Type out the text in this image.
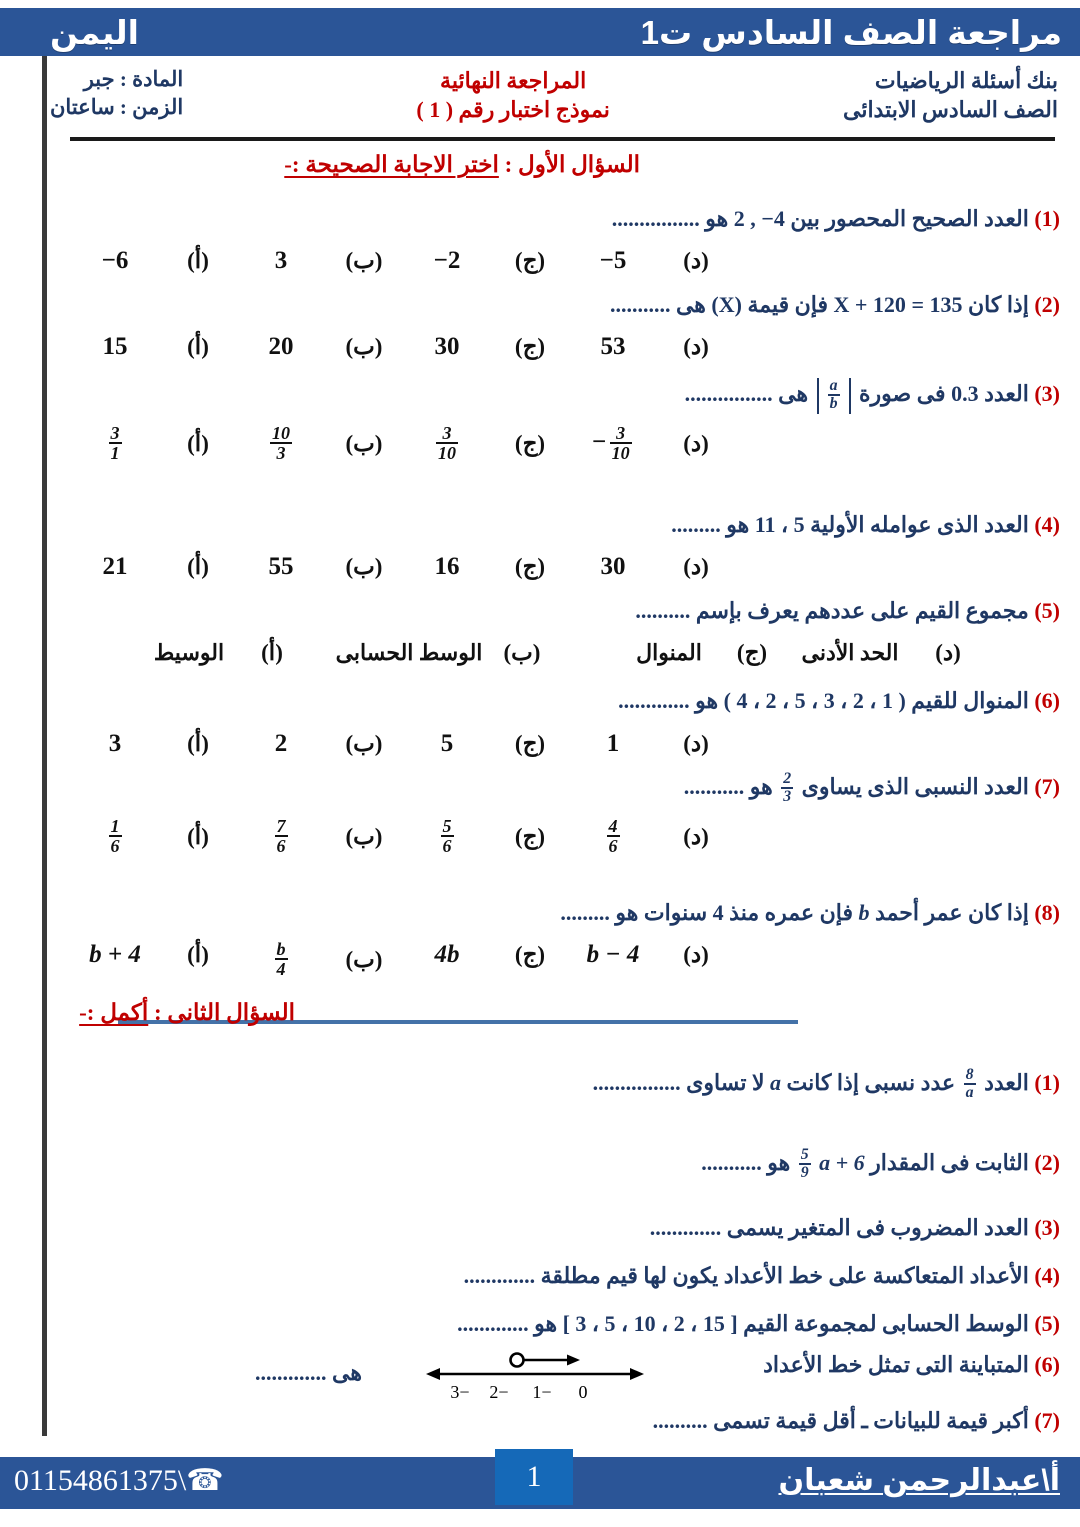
مراجعة الصف السادس ت1
اليمن
بنك أسئلة الرياضيات
الصف السادس الابتدائى
المراجعة النهائية
نموذج اختبار رقم ( 1 )
المادة : جبر
الزمن : ساعتان
السؤال الأول : اختر الاجابة الصحيحة :-
(1) العدد الصحيح المحصور بين 4− , 2 هو ................
(أ)
−6	(ب)
3	(ج)
−2	(د)
−5
(2) إذا كان 135 = X + 120 فإن قيمة (X) هى ...........
(أ)
15	(ب)
20	(ج)
30	(د)
53
(3) العدد 0.3 فى صورة
$\frac{a}{b}$
هى ................
(أ)
$\frac{3}{1}$	(ب)
$\frac{10}{3}$	(ج)
$\frac{3}{10}$	(د)
− $\frac{3}{10}$
(4) العدد الذى عوامله الأولية 5 ، 11 هو .........
(أ)
21	(ب)
55	(ج)
16	(د)
30
(5) مجموع القيم على عددهم يعرف بإسم ..........
(أ)
الوسيط	(ب)
الوسط الحسابى	(ج)
المنوال	(د)
الحد الأدنى
(6) المنوال للقيم ( 1 ، 2 ، 3 ، 5 ، 2 ، 4 ) هو .............
(أ)
3	(ب)
2	(ج)
5	(د)
1
(7) العدد النسبى الذى يساوى
$\frac{2}{3}$
هو ...........
(أ)
$\frac{1}{6}$	(ب)
$\frac{7}{6}$	(ج)
$\frac{5}{6}$	(د)
$\frac{4}{6}$
(8) إذا كان عمر أحمد b فإن عمره منذ 4 سنوات هو .........
(أ)
b + 4	(ب)
$\frac{b}{4}$	(ج)
4b	(د)
b − 4
السؤال الثانى : أكمل :-
(1) العدد
$\frac{8}{a}$
عدد نسبى إذا كانت a لا تساوى ................
(2) الثابت فى المقدار a + 6
$\frac{5}{9}$
هو ...........
(3) العدد المضروب فى المتغير يسمى .............
(4) الأعداد المتعاكسة على خط الأعداد يكون لها قيم مطلقة .............
(5) الوسط الحسابى لمجموعة القيم [ 15 ، 2 ، 10 ، 5 ، 3 ] هو .............
(6) المتباينة التى تمثل خط الأعداد
−3 −2 −1 0
هى .............
(7) أكبر قيمة للبيانات ـ أقل قيمة تسمى ..........
أ\عبدالرحمن شعبان
1
01154861375\☎
